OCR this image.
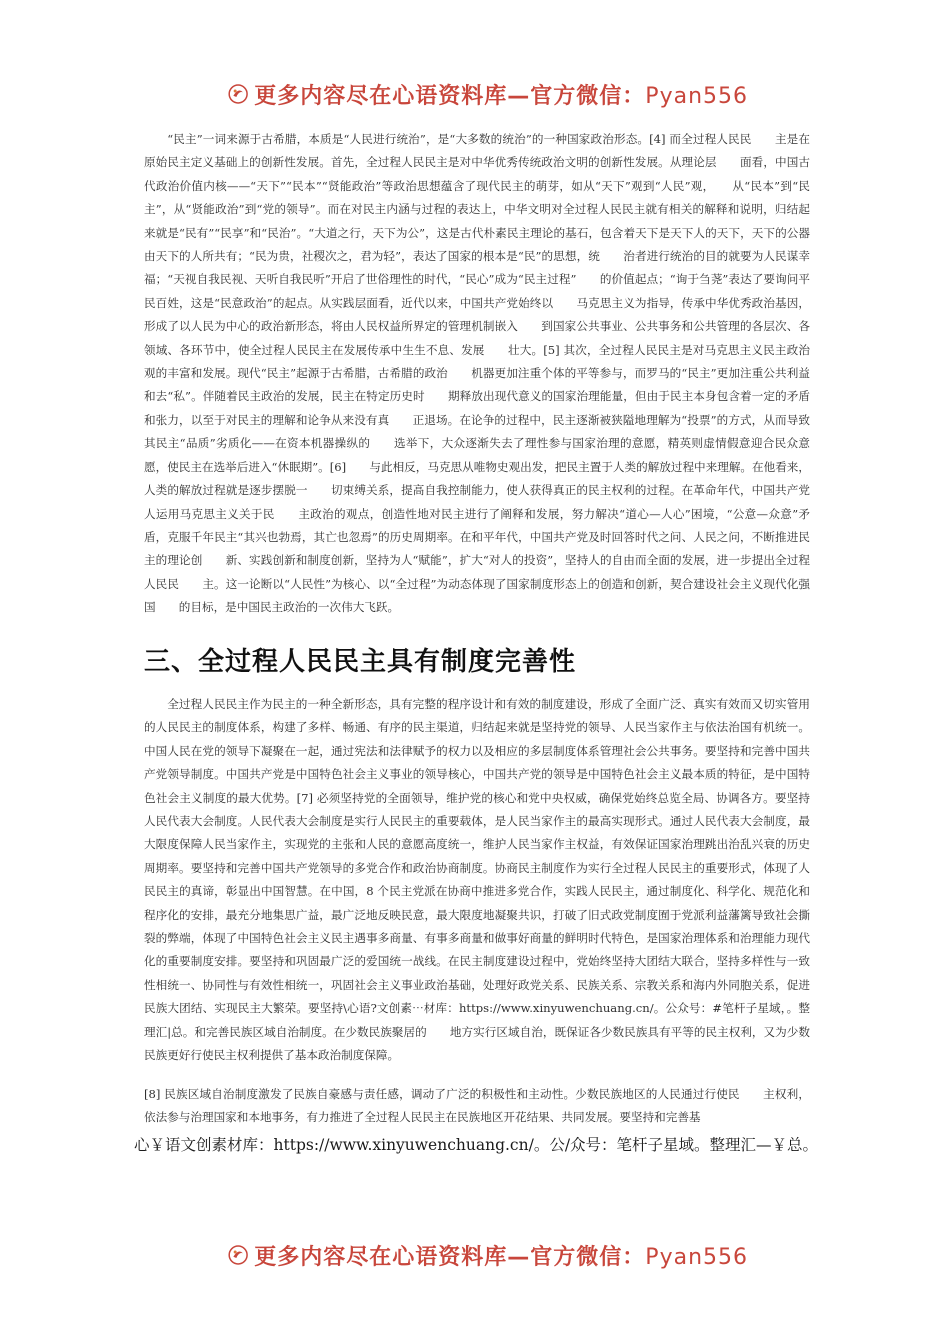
更多内容尽在心语资料库—官方微信：Pyan556

“民主”一词来源于古希腊，本质是“人民进行统治”，是“大多数的统治”的一种国家政治形态。[4] 而全过程人民民　　主是在原始民主定义基础上的创新性发展。首先，全过程人民民主是对中华优秀传统政治文明的创新性发展。从理论层　　面看，中国古代政治价值内核——“天下”“民本”“贤能政治”等政治思想蕴含了现代民主的萌芽，如从“天下”观到“人民”观，　　从“民本”到“民主”，从“贤能政治”到“党的领导”。而在对民主内涵与过程的表达上，中华文明对全过程人民民主就有相关的解释和说明，归结起来就是“民有”“民享”和“民治”。“大道之行，天下为公”，这是古代朴素民主理论的基石，包含着天下是天下人的天下，天下的公器由天下的人所共有；“民为贵，社稷次之，君为轻”，表达了国家的根本是“民”的思想，统　　治者进行统治的目的就要为人民谋幸福；“天视自我民视、天听自我民听”开启了世俗理性的时代，“民心”成为“民主过程”　　的价值起点；“询于刍荛”表达了要询问平民百姓，这是“民意政治”的起点。从实践层面看，近代以来，中国共产党始终以　　马克思主义为指导，传承中华优秀政治基因，形成了以人民为中心的政治新形态，将由人民权益所界定的管理机制嵌入　　到国家公共事业、公共事务和公共管理的各层次、各领域、各环节中，使全过程人民民主在发展传承中生生不息、发展　　壮大。[5] 其次，全过程人民民主是对马克思主义民主政治观的丰富和发展。现代“民主”起源于古希腊，古希腊的政治　　机器更加注重个体的平等参与，而罗马的“民主”更加注重公共利益和去“私”。伴随着民主政治的发展，民主在特定历史时　　期释放出现代意义的国家治理能量，但由于民主本身包含着一定的矛盾和张力，以至于对民主的理解和论争从来没有真　　正退场。在论争的过程中，民主逐渐被狭隘地理解为“投票”的方式，从而导致其民主“品质”劣质化——在资本机器操纵的　　选举下，大众逐渐失去了理性参与国家治理的意愿，精英则虚情假意迎合民众意愿，使民主在选举后进入“休眠期”。[6]　　与此相反，马克思从唯物史观出发，把民主置于人类的解放过程中来理解。在他看来，人类的解放过程就是逐步摆脱一　　切束缚关系，提高自我控制能力，使人获得真正的民主权利的过程。在革命年代，中国共产党人运用马克思主义关于民　　主政治的观点，创造性地对民主进行了阐释和发展，努力解决“道心—人心”困境，“公意—众意”矛盾，克服千年民主“其兴也勃焉，其亡也忽焉”的历史周期率。在和平年代，中国共产党及时回答时代之问、人民之问，不断推进民主的理论创　　新、实践创新和制度创新，坚持为人“赋能”，扩大“对人的投资”，坚持人的自由而全面的发展，进一步提出全过程人民民　　主。这一论断以“人民性”为核心、以“全过程”为动态体现了国家制度形态上的创造和创新，契合建设社会主义现代化强国　　的目标，是中国民主政治的一次伟大飞跃。

三、全过程人民民主具有制度完善性

全过程人民民主作为民主的一种全新形态，具有完整的程序设计和有效的制度建设，形成了全面广泛、真实有效而又切实管用的人民民主的制度体系，构建了多样、畅通、有序的民主渠道，归结起来就是坚持党的领导、人民当家作主与依法治国有机统一。中国人民在党的领导下凝聚在一起，通过宪法和法律赋予的权力以及相应的多层制度体系管理社会公共事务。要坚持和完善中国共产党领导制度。中国共产党是中国特色社会主义事业的领导核心，中国共产党的领导是中国特色社会主义最本质的特征，是中国特色社会主义制度的最大优势。[7] 必须坚持党的全面领导，维护党的核心和党中央权威，确保党始终总览全局、协调各方。要坚持人民代表大会制度。人民代表大会制度是实行人民民主的重要载体，是人民当家作主的最高实现形式。通过人民代表大会制度，最大限度保障人民当家作主，实现党的主张和人民的意愿高度统一，维护人民当家作主权益，有效保证国家治理跳出治乱兴衰的历史周期率。要坚持和完善中国共产党领导的多党合作和政治协商制度。协商民主制度作为实行全过程人民民主的重要形式，体现了人民民主的真谛，彰显出中国智慧。在中国，8 个民主党派在协商中推进多党合作，实践人民民主，通过制度化、科学化、规范化和程序化的安排，最充分地集思广益，最广泛地反映民意，最大限度地凝聚共识，打破了旧式政党制度囿于党派利益藩篱导致社会撕裂的弊端，体现了中国特色社会主义民主遇事多商量、有事多商量和做事好商量的鲜明时代特色，是国家治理体系和治理能力现代化的重要制度安排。要坚持和巩固最广泛的爱国统一战线。在民主制度建设过程中，党始终坚持大团结大联合，坚持多样性与一致性相统一、协同性与有效性相统一，巩固社会主义事业政治基础，处理好政党关系、民族关系、宗教关系和海内外同胞关系，促进民族大团结、实现民主大繁荣。要坚持\心语?文创素⋯材库：https://www.xinyuwenchuang.cn/。公众号：#笔杆子星域，。整理汇|总。和完善民族区域自治制度。在少数民族聚居的　　地方实行区域自治，既保证各少数民族具有平等的民主权利，又为少数民族更好行使民主权利提供了基本政治制度保障。

[8] 民族区域自治制度激发了民族自豪感与责任感，调动了广泛的积极性和主动性。少数民族地区的人民通过行使民　　主权利，依法参与治理国家和本地事务，有力推进了全过程人民民主在民族地区开花结果、共同发展。要坚持和完善基

心￥语文创素材库：https://www.xinyuwenchuang.cn/。公/众号：笔杆子星域。整理汇—￥总。

更多内容尽在心语资料库—官方微信：Pyan556
